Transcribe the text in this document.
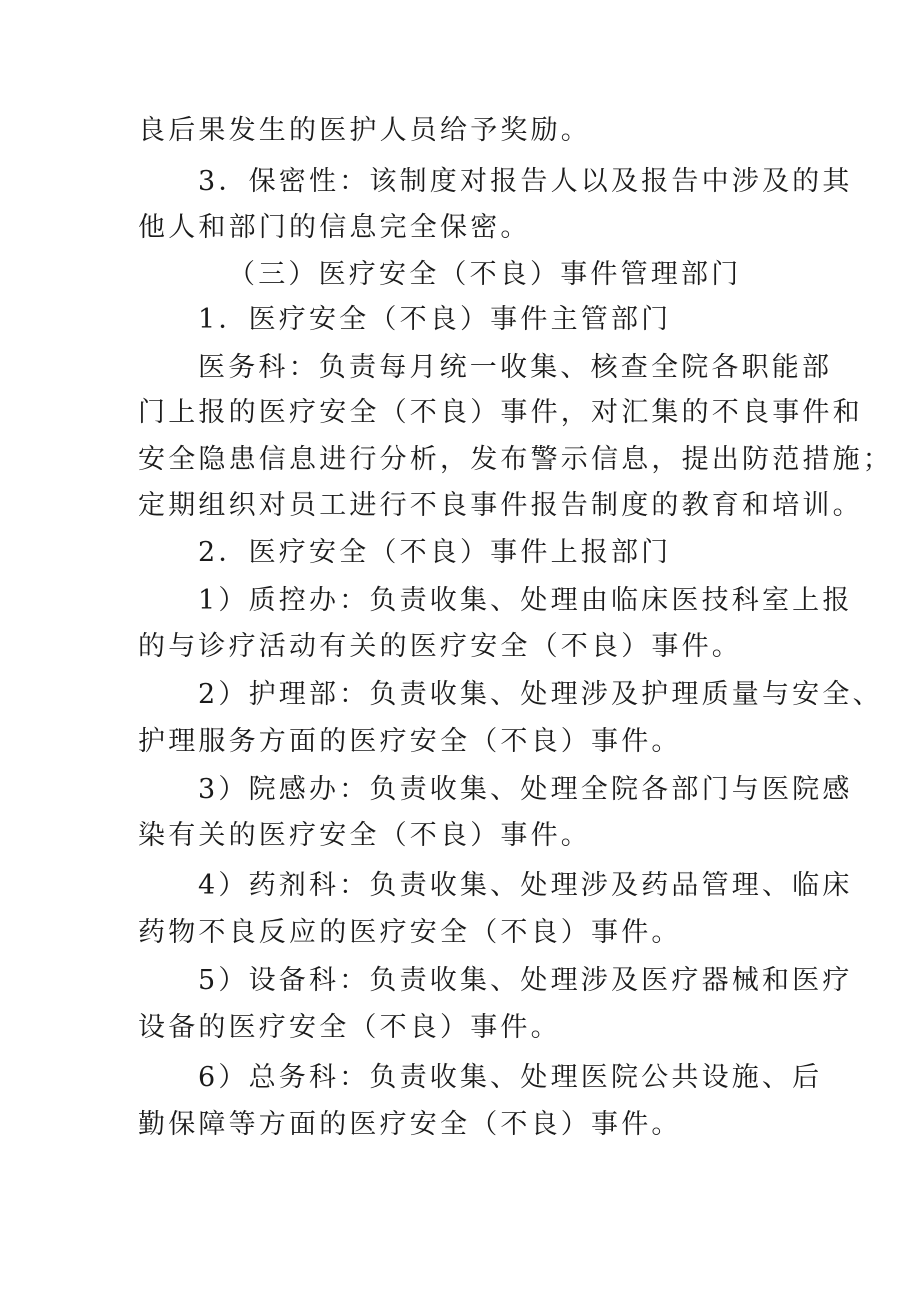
良后果发生的医护人员给予奖励。
3．保密性：该制度对报告人以及报告中涉及的其
他人和部门的信息完全保密。
（三）医疗安全（不良）事件管理部门
1．医疗安全（不良）事件主管部门
医务科：负责每月统一收集、核查全院各职能部
门上报的医疗安全（不良）事件，对汇集的不良事件和
安全隐患信息进行分析，发布警示信息，提出防范措施；
定期组织对员工进行不良事件报告制度的教育和培训。
2．医疗安全（不良）事件上报部门
1）质控办：负责收集、处理由临床医技科室上报
的与诊疗活动有关的医疗安全（不良）事件。
2）护理部：负责收集、处理涉及护理质量与安全、
护理服务方面的医疗安全（不良）事件。
3）院感办：负责收集、处理全院各部门与医院感
染有关的医疗安全（不良）事件。
4）药剂科：负责收集、处理涉及药品管理、临床
药物不良反应的医疗安全（不良）事件。
5）设备科：负责收集、处理涉及医疗器械和医疗
设备的医疗安全（不良）事件。
6）总务科：负责收集、处理医院公共设施、后
勤保障等方面的医疗安全（不良）事件。
